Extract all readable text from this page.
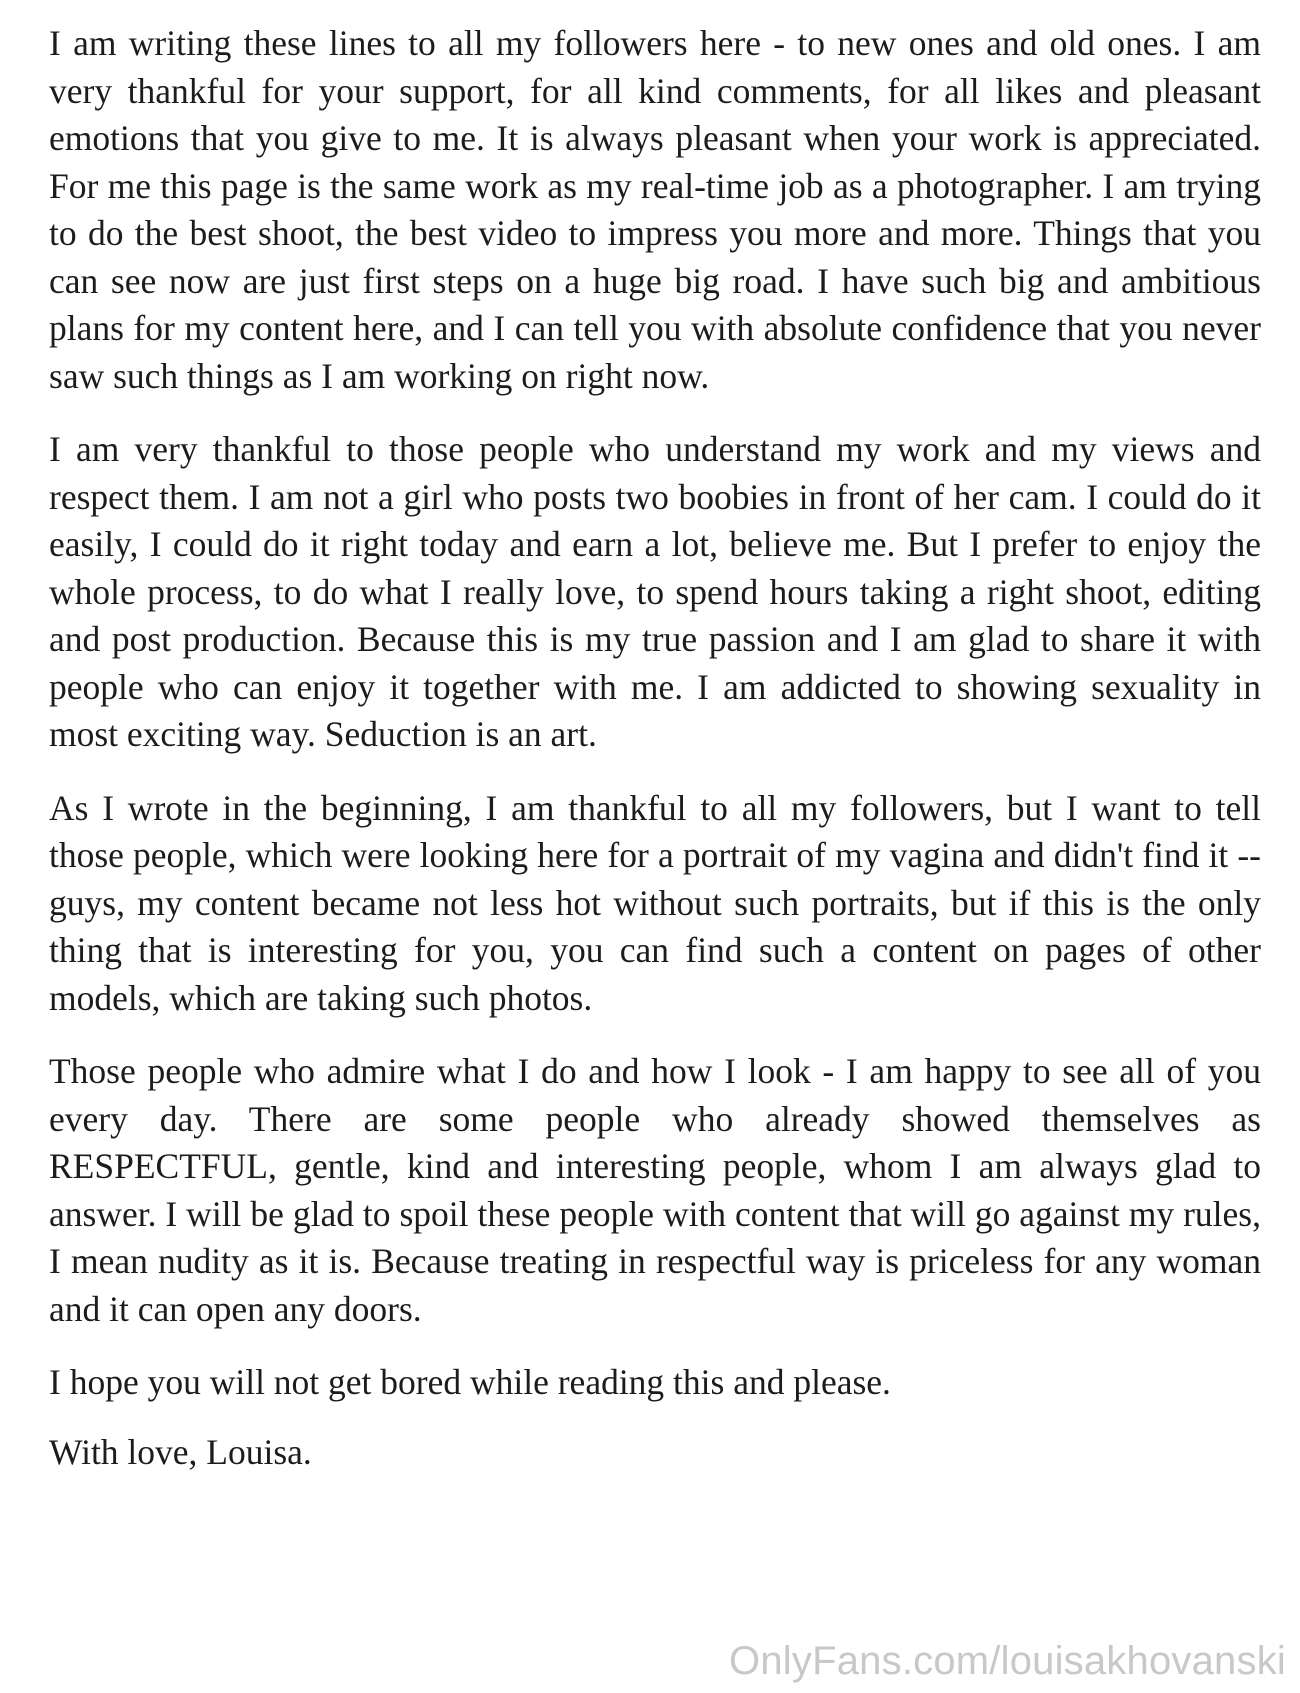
I am writing these lines to all my followers here - to new ones and old ones. I am very thankful for your support, for all kind comments, for all likes and pleasant emotions that you give to me. It is always pleasant when your work is appreciated. For me this page is the same work as my real-time job as a photographer. I am trying to do the best shoot, the best video to impress you more and more. Things that you can see now are just first steps on a huge big road. I have such big and ambitious plans for my content here, and I can tell you with absolute confidence that you never saw such things as I am working on right now.

I am very thankful to those people who understand my work and my views and respect them. I am not a girl who posts two boobies in front of her cam. I could do it easily, I could do it right today and earn a lot, believe me. But I prefer to enjoy the whole process, to do what I really love, to spend hours taking a right shoot, editing and post production. Because this is my true passion and I am glad to share it with people who can enjoy it together with me. I am addicted to showing sexuality in most exciting way. Seduction is an art.

As I wrote in the beginning, I am thankful to all my followers, but I want to tell those people, which were looking here for a portrait of my vagina and didn't find it -- guys, my content became not less hot without such portraits, but if this is the only thing that is interesting for you, you can find such a content on pages of other models, which are taking such photos.

Those people who admire what I do and how I look - I am happy to see all of you every day. There are some people who already showed themselves as RESPECTFUL, gentle, kind and interesting people, whom I am always glad to answer. I will be glad to spoil these people with content that will go against my rules, I mean nudity as it is. Because treating in respectful way is priceless for any woman and it can open any doors.

I hope you will not get bored while reading this and please.

With love, Louisa.

OnlyFans.com/louisakhovanski
